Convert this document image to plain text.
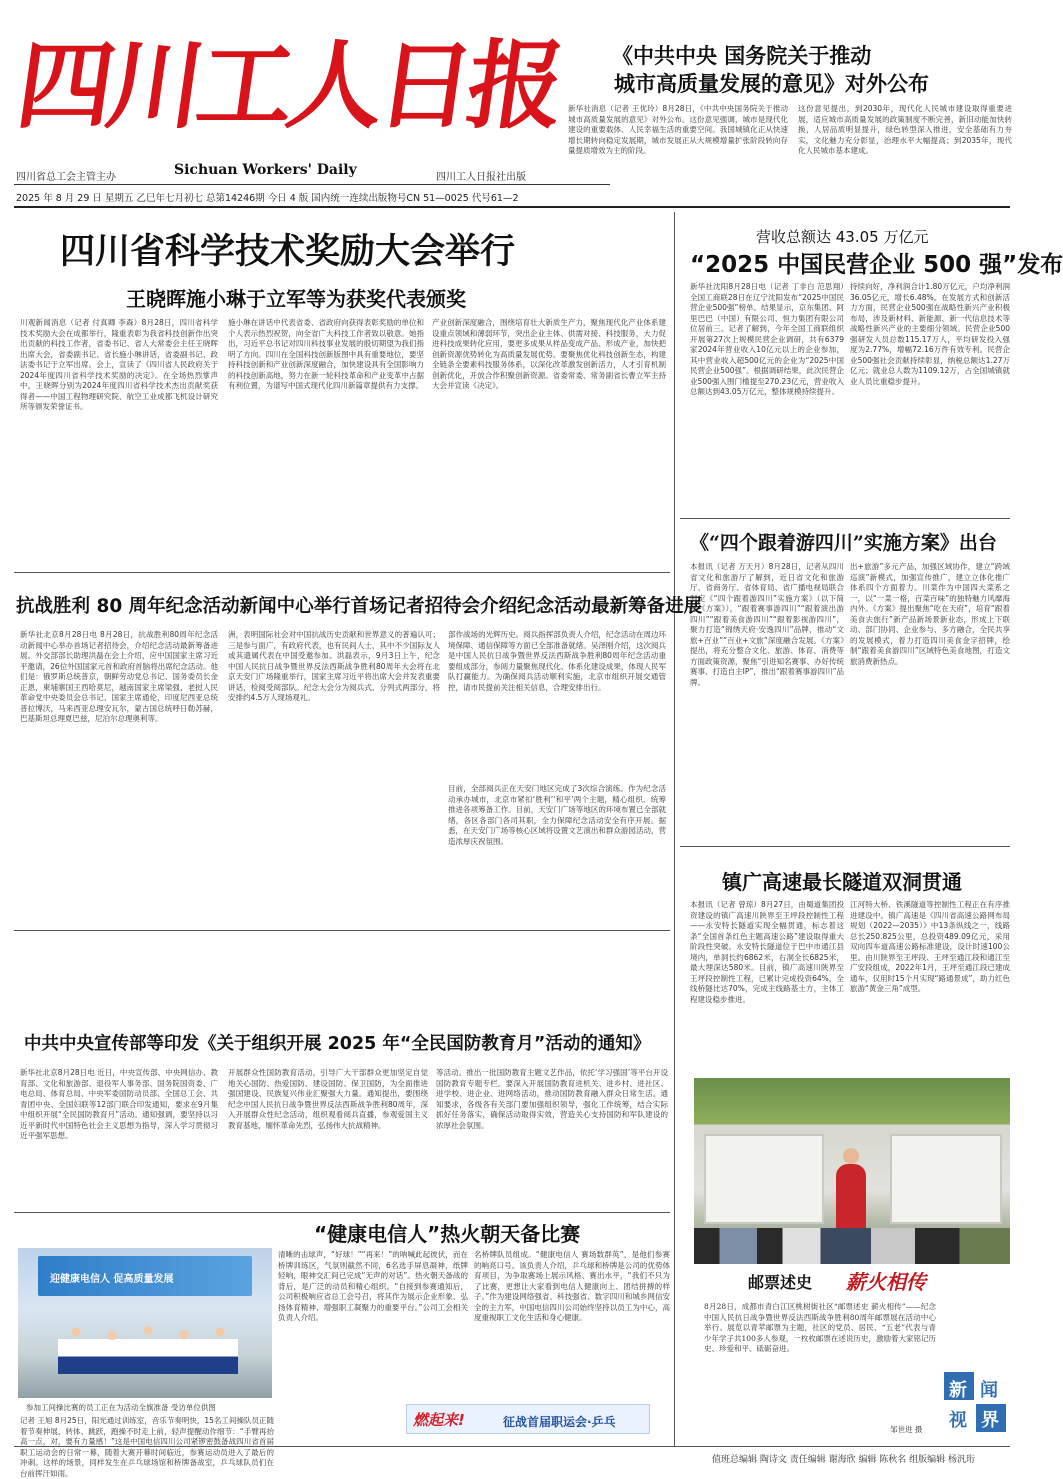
四川工人日报
四川省总工会主管主办	Sichuan Workers' Daily	四川工人日报社出版
2025 年 8 月 29 日 星期五 乙巳年七月初七 总第14246期 今日 4 版 国内统一连续出版物号CN 51—0025 代号61—2
《中共中央 国务院关于推动
城市高质量发展的意见》对外公布
新华社消息（记者 王优玲）8月28日，《中共中央国务院关于推动城市高质量发展的意见》对外公布。这份意见强调，城市是现代化建设的重要载体、人民幸福生活的重要空间。我国城镇化正从快速增长期转向稳定发展期，城市发展正从大规模增量扩张阶段转向存量提质增效为主的阶段。
这份意见提出，到2030年，现代化人民城市建设取得重要进展，适应城市高质量发展的政策制度不断完善，新旧动能加快转换，人居品质明显提升，绿色转型深入推进，安全基础有力夯实，文化魅力充分彰显，治理水平大幅提高；到2035年，现代化人民城市基本建成。
四川省科学技术奖励大会举行
王晓晖施小琳于立军等为获奖代表颁奖
川观新闻消息（记者 付真卿 李森）8月28日，四川省科学技术奖励大会在成都举行，隆重表彰为我省科技创新作出突出贡献的科技工作者，省委书记、省人大常委会主任王晓晖出席大会，省委副书记、省长施小琳讲话，省委副书记、政法委书记于立军出席。会上，宣读了《四川省人民政府关于2024年度四川省科学技术奖励的决定》。在全场热烈掌声中，王晓晖分别为2024年度四川省科学技术杰出贡献奖获得者——中国工程物理研究院、航空工业成都飞机设计研究所等颁发荣誉证书。
施小琳在讲话中代表省委、省政府向获得表彰奖励的单位和个人表示热烈祝贺，向全省广大科技工作者致以敬意。她指出，习近平总书记对四川科技事业发展的殷切期望为我们指明了方向。四川在全国科技创新版图中具有重要地位，要坚持科技创新和产业创新深度融合，加快建设具有全国影响力的科技创新高地，努力在新一轮科技革命和产业变革中占据有利位置，为谱写中国式现代化四川新篇章提供有力支撑。
产业创新深度融合，围绕培育壮大新质生产力，聚焦现代化产业体系建设重点领域和薄弱环节，突出企业主体、供需对接、科技服务，大力促进科技成果转化应用，要更多成果从样品变成产品、形成产业，加快把创新资源优势转化为高质量发展优势。要聚焦优化科技创新生态，构建全链条全要素科技服务体系，以深化改革激发创新活力，人才引育机制创新优化，开放合作积聚创新资源。省委常委、常务副省长曹立军主持大会并宣读《决定》。
营收总额达 43.05 万亿元
“2025 中国民营企业 500 强”发布
新华社沈阳8月28日电（记者 丁非白 范思翔）全国工商联28日在辽宁沈阳发布“2025中国民营企业500强”榜单。结果显示，京东集团、阿里巴巴（中国）有限公司、恒力集团有限公司位居前三。记者了解到，今年全国工商联组织开展第27次上规模民营企业调研，共有6379家2024年营业收入10亿元以上的企业参加，其中营业收入超500亿元的企业为“2025中国民营企业500强”。根据调研结果，此次民营企业500强入围门槛提至270.23亿元，营业收入总额达到43.05万亿元，整体规模持续提升。
持续向好，净利润合计1.80万亿元，户均净利润36.05亿元，增长6.48%。在发展方式和创新活力方面，民营企业500强在战略性新兴产业积极布局，涉及新材料、新能源、新一代信息技术等战略性新兴产业的主要细分领域。民营企业500强研发人员总数115.17万人，平均研发投入强度为2.77%，增幅72.16万件有效专利。民营企业500强社会贡献持续彰显，纳税总额达1.27万亿元；就业总人数为1109.12万，占全国城镇就业人员比重稳步提升。
《“四个跟着游四川”实施方案》出台
本报讯（记者 万天月）8月28日，记者从四川省文化和旅游厅了解到，近日省文化和旅游厅、省商务厅、省体育局、省广播电视局联合制定《“四个跟着游四川”实施方案》（以下简称《方案》），“跟着赛事游四川”“跟着演出游四川”“跟着美食游四川”“跟着影视游四川”，聚力打造“锦绣天府·安逸四川”品牌，推动“文旅+百业”“百业+文旅”深度融合发展。《方案》提出，将充分整合文化、旅游、体育、消费等方面政策资源，聚焦“引进知名赛事、办好传统赛事、打造自主IP”，推出“跟着赛事游四川”品牌。
出+旅游”多元产品，加强区域协作，建立“跨域巡演”新模式，加强宣传推广，建立立体化推广体系四个方面着力。川菜作为中国四大菜系之一，以“一菜一格，百菜百味”的独特魅力风靡海内外。《方案》提出聚焦“吃在天府”，培育“跟着美食去旅行”新产品新场景新业态，形成上下联动、部门协同、企业参与、多方融合，全民共享的发展模式，着力打造四川美食金字招牌，绘制“跟着美食游四川”区域特色美食地图，打造文旅消费新热点。
镇广高速最长隧道双洞贯通
本报讯（记者 曾琼）8月27日，由蜀道集团投资建设的镇广高速川陕界至王坪段控制性工程——永安特长隧道实现全幅贯通，标志着这条“全国首条红色主题高速公路”建设取得重大阶段性突破。永安特长隧道位于巴中市通江县境内，单洞长约6862米，右洞全长6825米，最大埋深达580米。目前，镇广高速川陕界至王坪段控制性工程，已累计完成投资64%，全线桥隧比达70%，完成主线路基土方，主体工程建设稳步推进。
江河特大桥、铁溪隧道等控制性工程正在有序推进建设中。镇广高速是《四川省高速公路网布局规划（2022—2035）》中13条纵线之一，线路总长250.825公里，总投资489.09亿元，采用双向四车道高速公路标准建设，设计时速100公里。由川陕界至王坪段、王坪至通江段和通江至广安段组成，2022年1月，王坪至通江段已建成通车，仅用时15个月实现“路通景成”，助力红色旅游“黄金三角”成型。
抗战胜利 80 周年纪念活动新闻中心举行首场记者招待会介绍纪念活动最新筹备进展
新华社北京8月28日电 8月28日，抗战胜利80周年纪念活动新闻中心举办首场记者招待会，介绍纪念活动最新筹备进展。外交部部长助理洪磊在会上介绍，应中国国家主席习近平邀请，26位外国国家元首和政府首脑将出席纪念活动。他们是：俄罗斯总统普京，朝鲜劳动党总书记、国务委员长金正恩，柬埔寨国王西哈莫尼，越南国家主席梁强，老挝人民革命党中央委员会总书记、国家主席通伦，印度尼西亚总统普拉博沃，马来西亚总理安瓦尔，蒙古国总统呼日勒苏赫，巴基斯坦总理夏巴兹，尼泊尔总理奥利等。
洲，表明国际社会对中国抗战历史贡献和世界意义的普遍认可；三是参与面广，有政府代表，也有民间人士，其中不少国际友人或其遗属代表在中国受邀参加。洪磊表示，9月3日上午，纪念中国人民抗日战争暨世界反法西斯战争胜利80周年大会将在北京天安门广场隆重举行，国家主席习近平将出席大会并发表重要讲话，检阅受阅部队。纪念大会分为阅兵式、分列式两部分，将安排约4.5万人现场观礼。
部作战场的光辉历史。阅兵指挥部负责人介绍，纪念活动在周边环境保障、通信保障等方面已全部准备就绪。吴泽刚介绍，这次阅兵是中国人民抗日战争暨世界反法西斯战争胜利80周年纪念活动重要组成部分，参阅力量聚焦现代化、体系化建设成果，体现人民军队打赢能力。为确保阅兵活动顺利实施，北京市组织开展交通管控，请市民提前关注相关信息，合理安排出行。
目前，全部阅兵正在天安门地区完成了3次综合演练。作为纪念活动承办城市，北京市紧扣‘胜利’‘和平’两个主题，精心组织、统筹推进各项筹备工作。目前，天安门广场等地区的环境布置已全部就绪，各区各部门各司其职，全力保障纪念活动安全有序开展。据悉，在天安门广场等核心区域将设置文艺演出和群众游园活动，营造浓厚庆祝氛围。
中共中央宣传部等印发《关于组织开展 2025 年“全民国防教育月”活动的通知》
新华社北京8月28日电 近日，中央宣传部、中央网信办、教育部、文化和旅游部、退役军人事务部、国务院国资委、广电总局、体育总局、中央军委国防动员部、全国总工会、共青团中央、全国妇联等12部门联合印发通知，要求在9月集中组织开展“全民国防教育月”活动。通知强调，要坚持以习近平新时代中国特色社会主义思想为指导，深入学习贯彻习近平强军思想。
开展群众性国防教育活动，引导广大干部群众更加坚定自觉地关心国防、热爱国防、建设国防、保卫国防，为全面推进强国建设、民族复兴伟业汇聚强大力量。通知提出，要围绕纪念中国人民抗日战争暨世界反法西斯战争胜利80周年，深入开展群众性纪念活动，组织观看阅兵直播，参观爱国主义教育基地，缅怀革命先烈，弘扬伟大抗战精神。
等活动。推出一批国防教育主题文艺作品，依托‘学习强国’等平台开设国防教育专题专栏。要深入开展国防教育进机关、进乡村、进社区、进学校、进企业、进网络活动，推动国防教育融入群众日常生活。通知要求，各级各有关部门要加强组织领导，强化工作统筹，结合实际抓好任务落实，确保活动取得实效，营造关心支持国防和军队建设的浓厚社会氛围。
“健康电信人”热火朝天备比赛
迎健康电信人 促高质量发展
参加工间操比赛的员工正在为活动全旗准备 受访单位供图
记者 王旭 8月25日，阳光通过训练室，音乐节奏明快，15名工间操队员正随着节奏伸展、转体、跳跃，跑操不时走上前，轻声提醒动作细节：“手臂再抬高一点，对，要有力量感！”这是中国电信四川公司紧锣密鼓备战四川省首届职工运动会的日常一幕，随着大赛开幕时间临近，参赛运动员进入了最后的冲刺。这样的场景，同样发生在乒乓球场馆和桥牌备战室，乒乓球队员们在台前挥汗如雨。
清晰的击球声，“好球！”“再来！”的呐喊此起彼伏，而在桥牌训练区，气氛则截然不同，6名选手屏息凝神，纸牌轻响，眼神交汇间已完成“无声的对话”。热火朝天备战的背后，是广泛的动员和精心组织。“自接到参赛通知后，公司积极响应省总工会号召，将其作为展示企业形象、弘扬体育精神、增强职工凝聚力的重要平台。”公司工会相关负责人介绍。
名桥牌队员组成。“健康电信人 赛场数群英”，是他们参赛的响亮口号。该负责人介绍，乒乓球和桥牌是公司的优势体育项目，为争取赛场上展示风格、赛出水平，“我们不只为了比赛，更想让大家看到电信人健康向上、团结拼搏的样子。”作为建设网络强省、科技强省、数字四川和城乡网信安全的主力军，中国电信四川公司始终坚持以员工为中心，高度重视职工文化生活和身心健康。
燃起来!	征战首届职运会·乒乓
邮票述史 薪火相传
8月28日，成都市青白江区桃树街社区“邮票述史 薪火相传”——纪念中国人民抗日战争暨世界反法西斯战争胜利80周年邮票展在活动中心举行。展览以青苹邮票为主题，社区的党员、居民、“五老”代表与青少年学子共100多人参观，一枚枚邮票在述说历史，激励着大家铭记历史、珍爱和平、砥砺奋进。
邹世进 摄
新 闻
视 界
值班总编辑 陶诗文 责任编辑 谢海欣 编辑 陈秋名 组版编辑 杨汎珩
